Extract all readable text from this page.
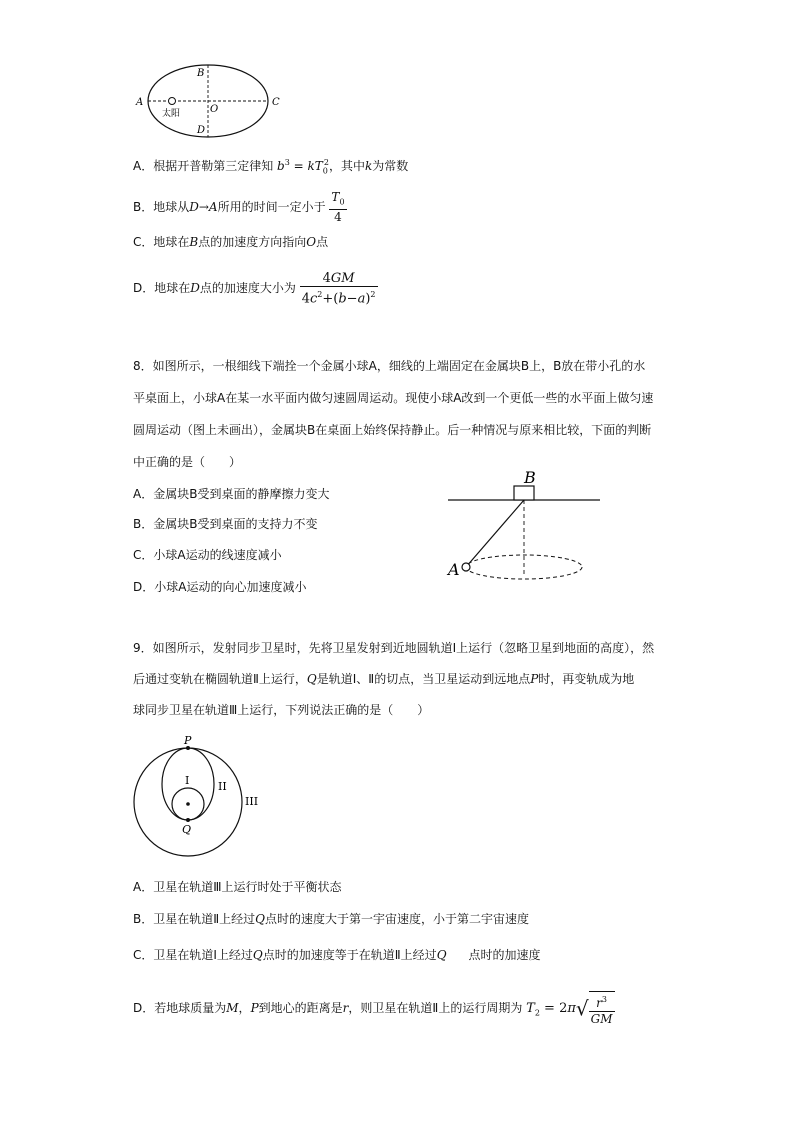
A	C
B
D
O
太阳
A．根据开普勒第三定律知 $b^3 = kT_0^2$，其中k为常数
B．地球从D→A所用的时间一定小于 $\frac{T_0}{4}$
C．地球在B点的加速度方向指向O点
D．地球在D点的加速度大小为 $\frac{4GM}{4c^2+(b-a)^2}$
8．如图所示，一根细线下端拴一个金属小球A，细线的上端固定在金属块B上，B放在带小孔的水
平桌面上，小球A在某一水平面内做匀速圆周运动。现使小球A改到一个更低一些的水平面上做匀速
圆周运动（图上未画出），金属块B在桌面上始终保持静止。后一种情况与原来相比较，下面的判断
中正确的是（　　）
A．金属块B受到桌面的静摩擦力变大
B．金属块B受到桌面的支持力不变
C．小球A运动的线速度减小
D．小球A运动的向心加速度减小
B
A
9．如图所示，发射同步卫星时，先将卫星发射到近地圆轨道Ⅰ上运行（忽略卫星到地面的高度），然
后通过变轨在椭圆轨道Ⅱ上运行，Q是轨道Ⅰ、Ⅱ的切点，当卫星运动到远地点P时，再变轨成为地
球同步卫星在轨道Ⅲ上运行，下列说法正确的是（　　）
P
Q
I	II
III
A．卫星在轨道Ⅲ上运行时处于平衡状态
B．卫星在轨道Ⅱ上经过Q点时的速度大于第一宇宙速度，小于第二宇宙速度
C．卫星在轨道Ⅰ上经过Q点时的加速度等于在轨道Ⅱ上经过Q 点时的加速度
D．若地球质量为M，P到地心的距离是r，则卫星在轨道Ⅱ上的运行周期为 $T_2 = 2\pi√ \frac{r^3}{GM}$
